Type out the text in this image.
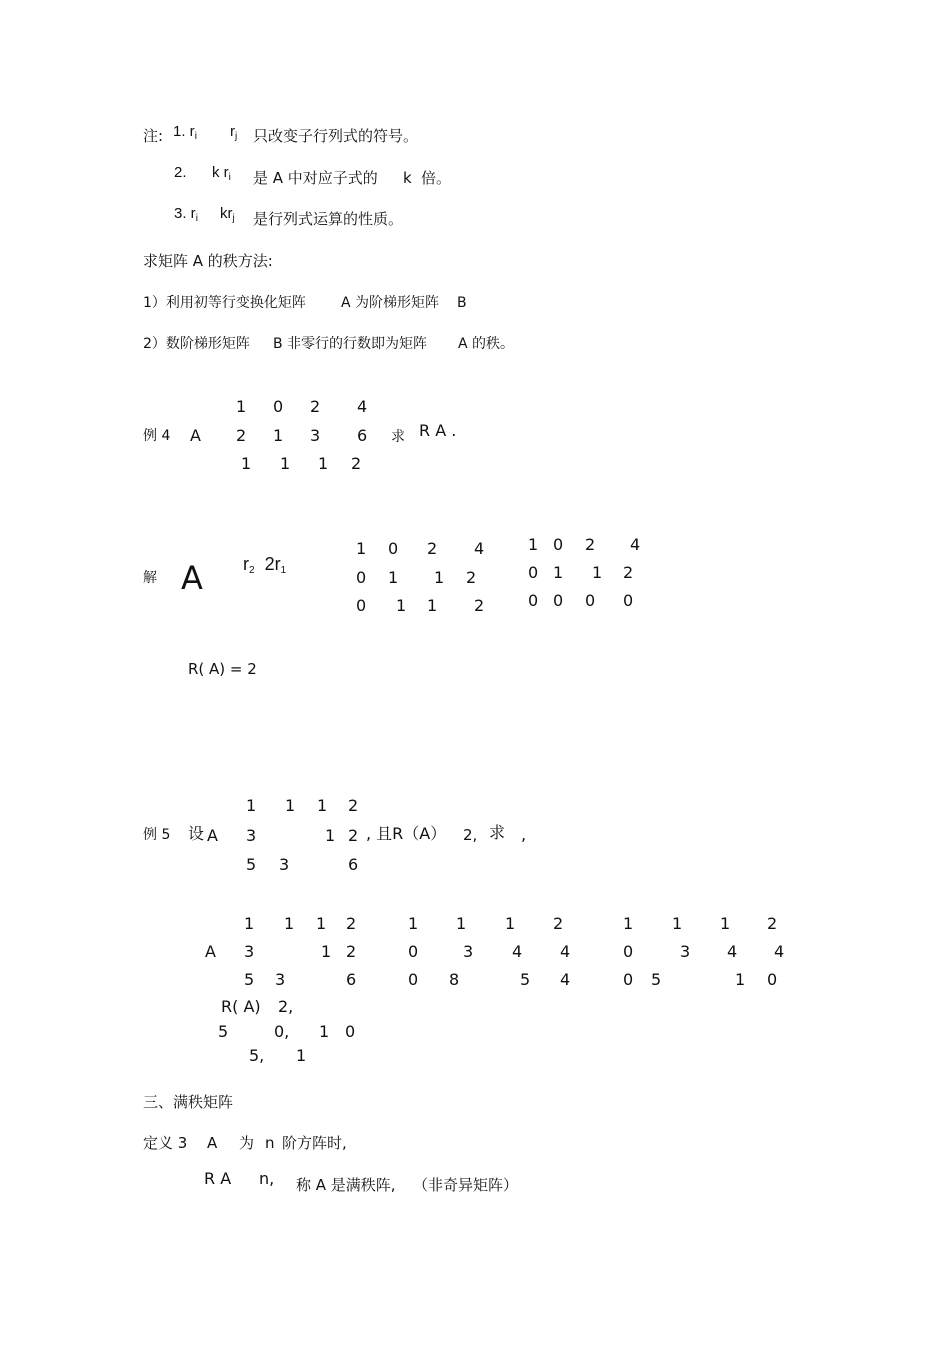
注: 1. $r_i$ $r_j$ 只改变子行列式的符号。
2. k $r_i$ 是 A 中对应子式的 k 倍。
3. $r_i$ $kr_j$ 是行列式运算的性质。
求矩阵 A 的秩方法:
1）利用初等行变换化矩阵	A 为阶梯形矩阵 B
2）数阶梯形矩阵 B 非零行的行数即为矩阵 A 的秩。
例 4 A
1 0 2 4
2 1 3 6
1 1 1 2
求 R A .
解 A $r_2$ $2r_1$
1 0 2 4
0 1 1 2
0 1 1 2
1 0 2 4
0 1 1 2
0 0 0 0
R( A) = 2
例 5 设 A
1 1 1 2
3	1 2
5 3	6
, 且R（A） 2, 求 ,
A
1 1 1 2
3	1 2
5 3	6
1 1 1 2
0	3 4 4
0 8	5 4
1 1 1 2
0	3 4 4
0 5	1 0
R( A) 2,
5	0, 1 0
5, 1
三、满秩矩阵
定义 3 A 为 n 阶方阵时,
R A n, 称 A 是满秩阵, （非奇异矩阵）
